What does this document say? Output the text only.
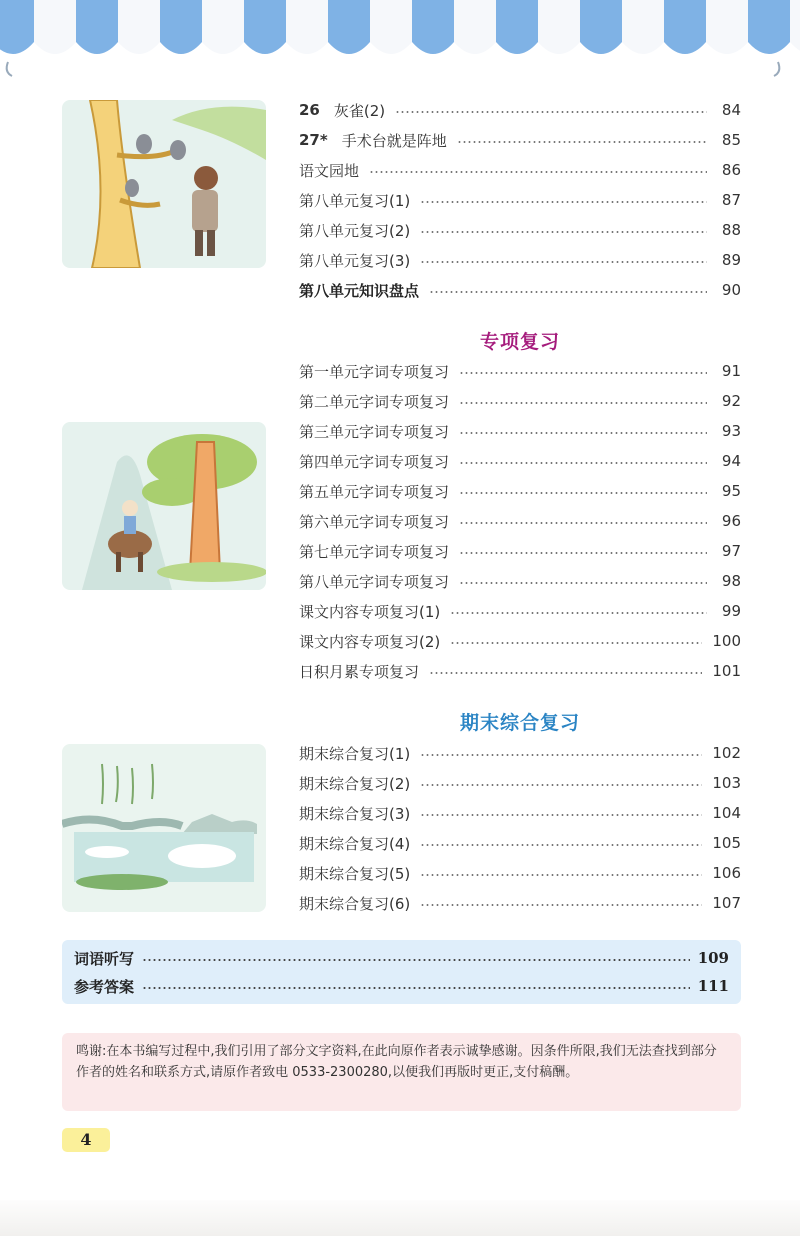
26 灰雀(2)	84
27* 手术台就是阵地	85
语文园地	86
第八单元复习(1)	87
第八单元复习(2)	88
第八单元复习(3)	89
第八单元知识盘点	90
专项复习
第一单元字词专项复习	91
第二单元字词专项复习	92
第三单元字词专项复习	93
第四单元字词专项复习	94
第五单元字词专项复习	95
第六单元字词专项复习	96
第七单元字词专项复习	97
第八单元字词专项复习	98
课文内容专项复习(1)	99
课文内容专项复习(2)	100
日积月累专项复习	101
期末综合复习
期末综合复习(1)	102
期末综合复习(2)	103
期末综合复习(3)	104
期末综合复习(4)	105
期末综合复习(5)	106
期末综合复习(6)	107
词语听写	109
参考答案	111
鸣谢:在本书编写过程中,我们引用了部分文字资料,在此向原作者表示诚挚感谢。因条件所限,我们无法查找到部分作者的姓名和联系方式,请原作者致电 0533-2300280,以便我们再版时更正,支付稿酬。
4
